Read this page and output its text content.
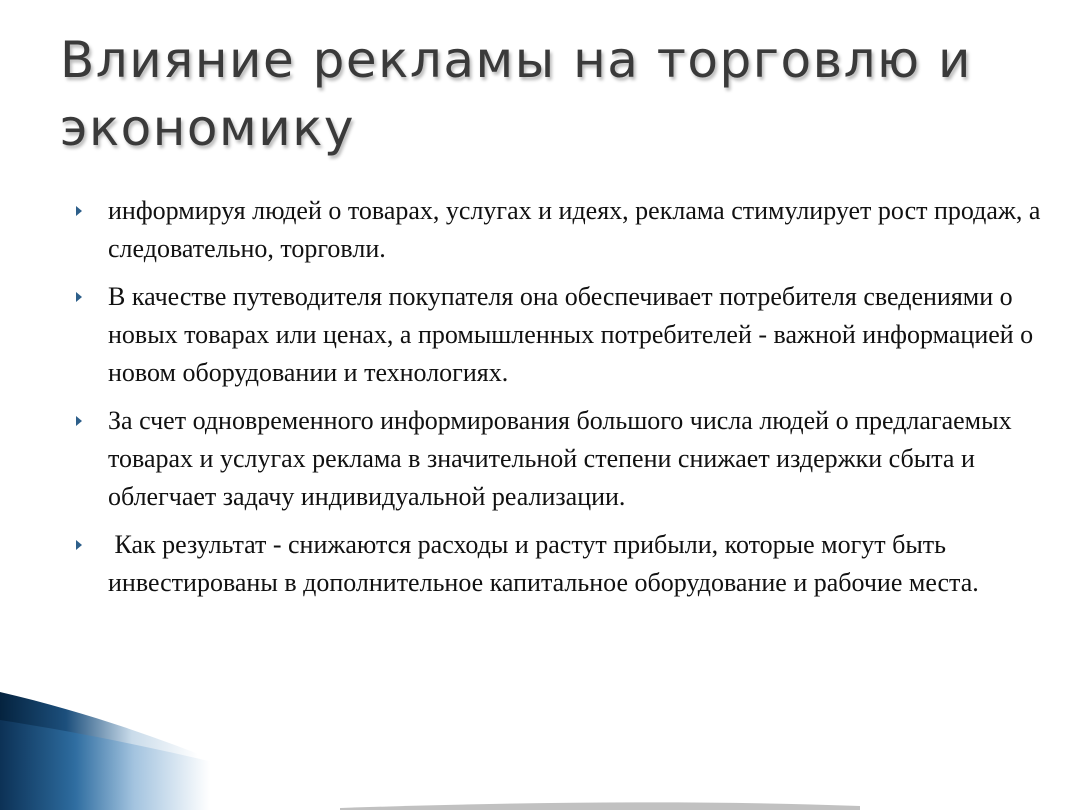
Влияние рекламы на торговлю и экономику
информируя людей о товарах, услугах и идеях, реклама стимулирует рост продаж, а следовательно, торговли.
В качестве путеводителя покупателя она обеспечивает потребителя сведениями о новых товарах или ценах, а промышленных потребителей - важной информацией о новом оборудовании и технологиях.
За счет одновременного информирования большого числа людей о предлагаемых товарах и услугах реклама в значительной степени снижает издержки сбыта и облегчает задачу индивидуальной реализации.
Как результат - снижаются расходы и растут прибыли, которые могут быть инвестированы в дополнительное капитальное оборудование и рабочие места.
